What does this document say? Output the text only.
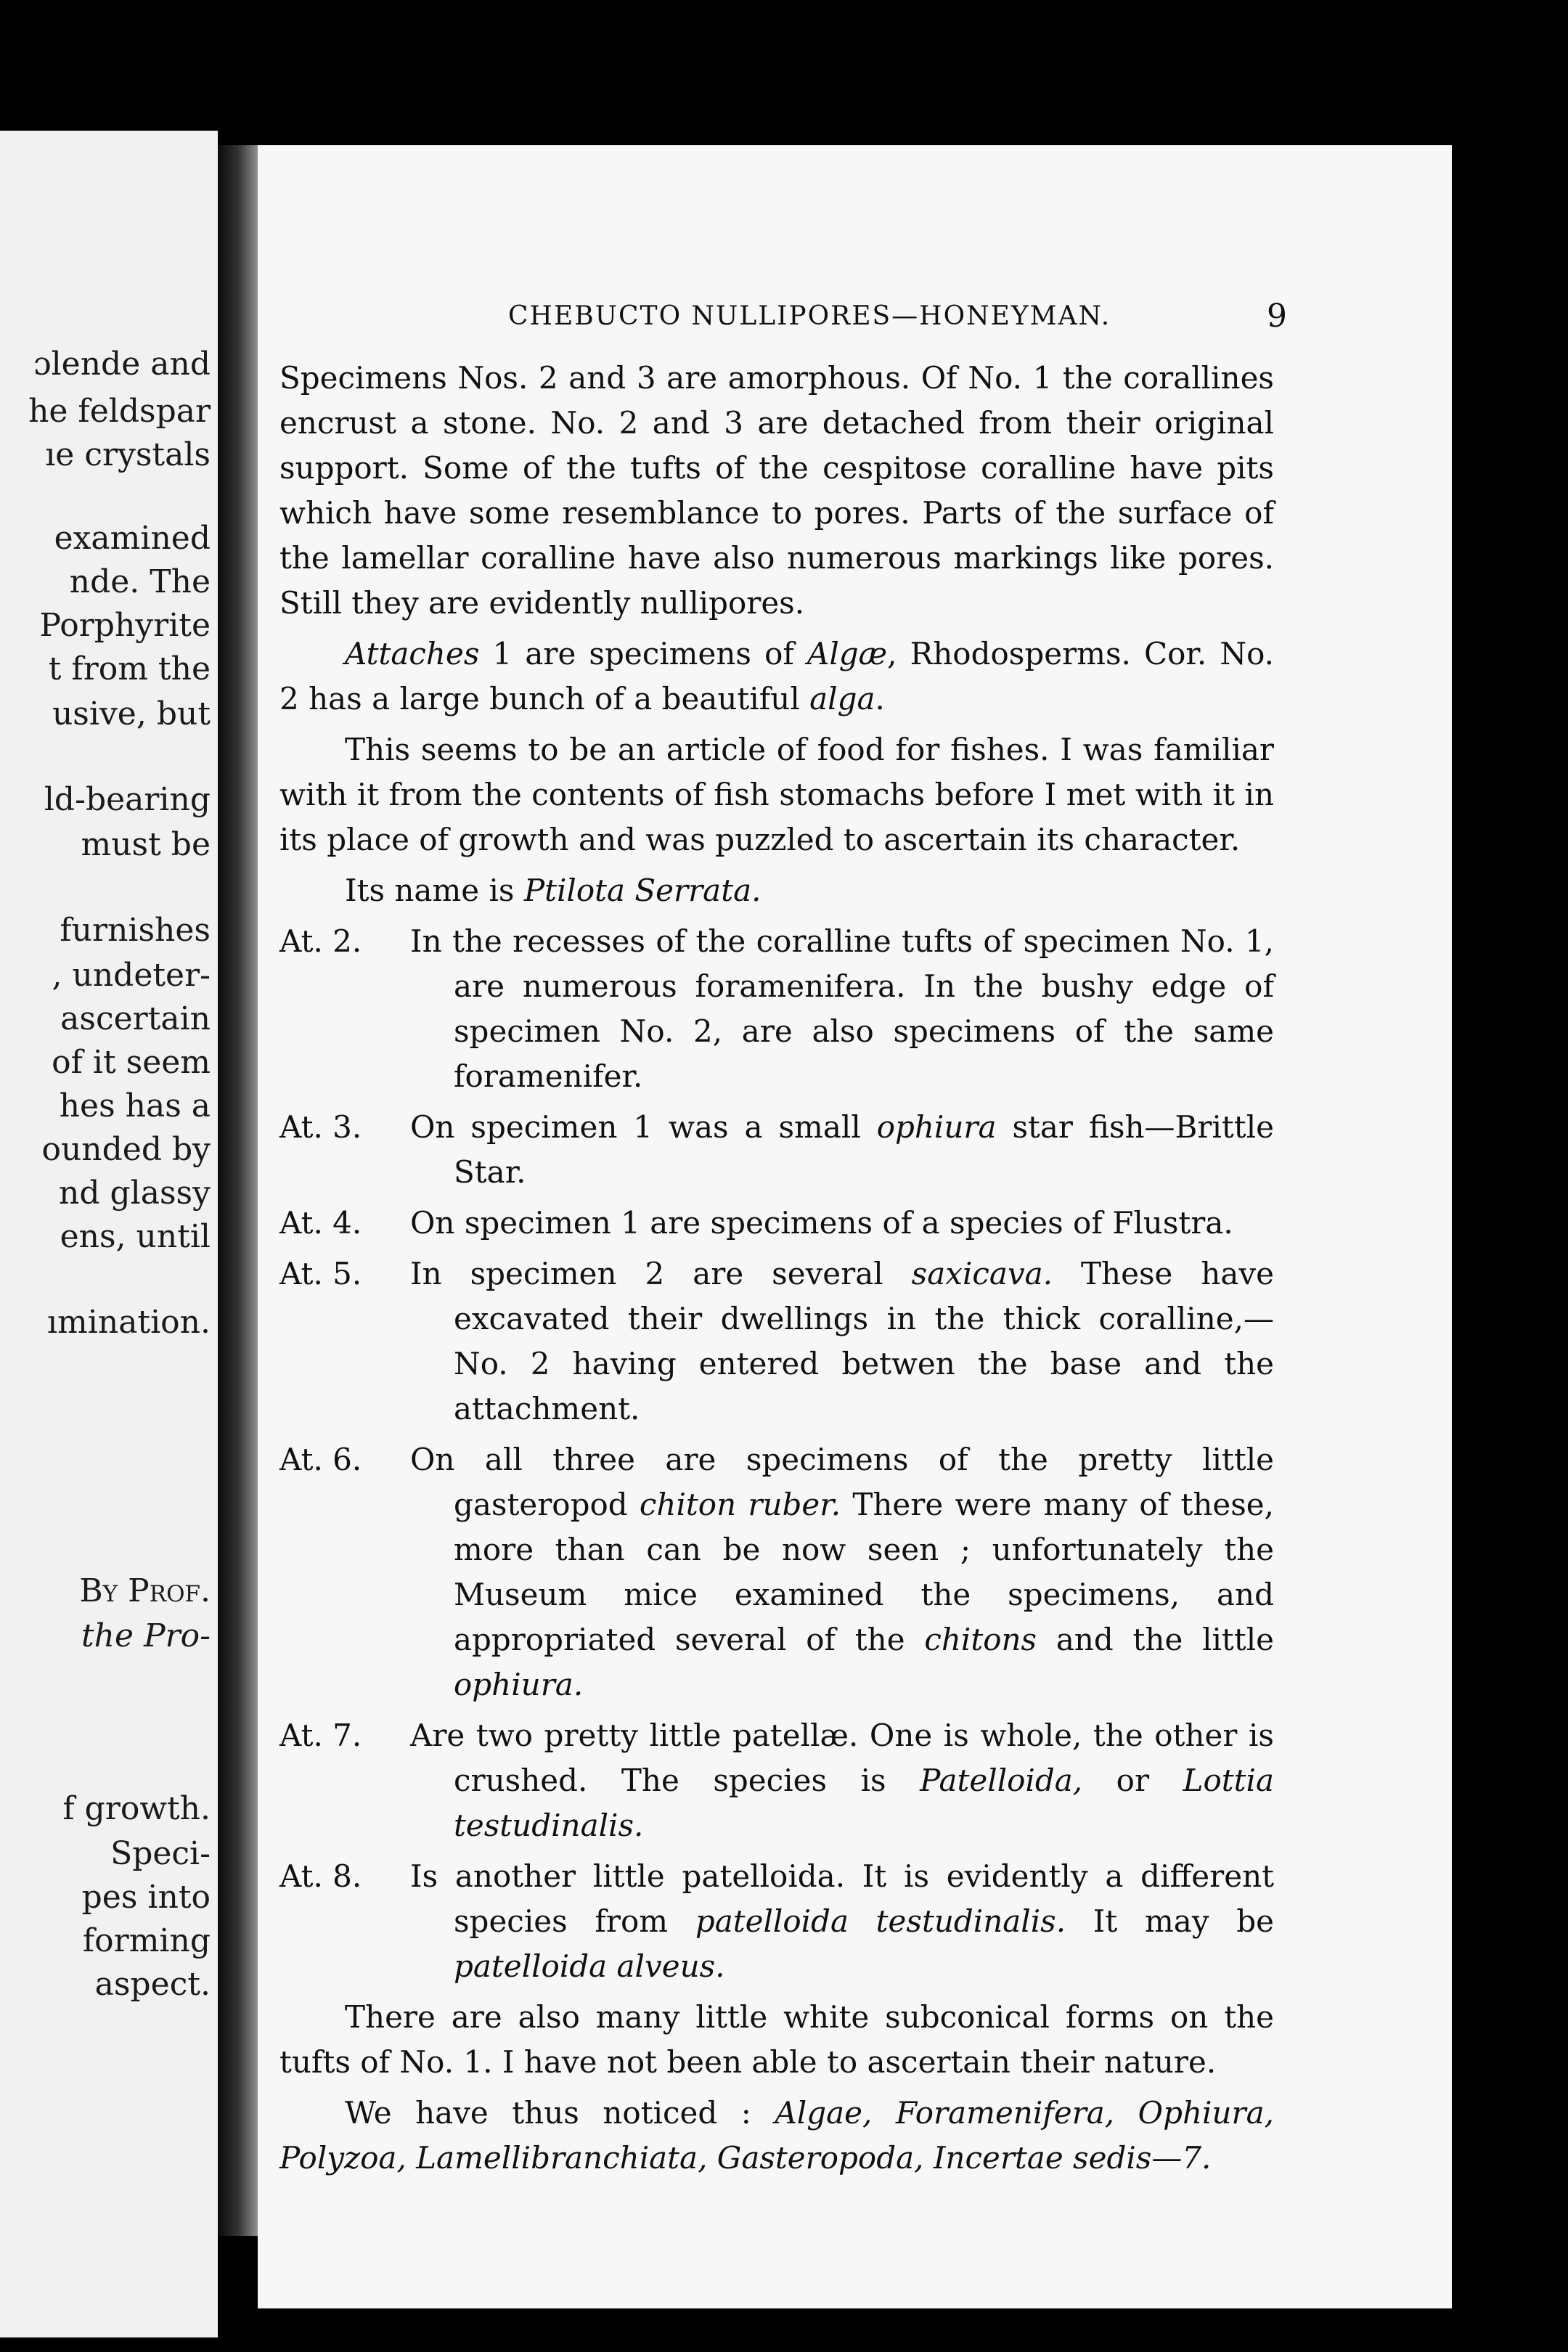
ɔlende and
he feldspar
ıe crystals
examined
nde. The
Porphyrite
t from the
usive, but
ld-bearing
must be
furnishes
, undeter-
ascertain
of it seem
hes has a
ounded by
nd glassy
ens, until
ımination.
By Prof.
the Pro-
f growth.
Speci-
pes into
forming
aspect.
CHEBUCTO NULLIPORES—HONEYMAN.	9

Specimens Nos. 2 and 3 are amorphous. Of No. 1 the corallines encrust a stone. No. 2 and 3 are detached from their original support. Some of the tufts of the cespitose coralline have pits which have some resemblance to pores. Parts of the surface of the lamellar coralline have also numerous markings like pores. Still they are evidently nullipores.

Attaches 1 are specimens of Algæ, Rhodosperms. Cor. No. 2 has a large bunch of a beautiful alga.

This seems to be an article of food for fishes. I was familiar with it from the contents of fish stomachs before I met with it in its place of growth and was puzzled to ascertain its character.

Its name is Ptilota Serrata.

At. 2.	In the recesses of the coralline tufts of specimen No. 1, are numerous foramenifera. In the bushy edge of specimen No. 2, are also specimens of the same foramenifer.
At. 3.	On specimen 1 was a small ophiura star fish—Brittle Star.
At. 4.	On specimen 1 are specimens of a species of Flustra.
At. 5.	In specimen 2 are several saxicava. These have excavated their dwellings in the thick coralline,—No. 2 having entered betwen the base and the attachment.
At. 6.	On all three are specimens of the pretty little gasteropod chiton ruber. There were many of these, more than can be now seen ; unfortunately the Museum mice examined the specimens, and appropriated several of the chitons and the little ophiura.
At. 7.	Are two pretty little patellæ. One is whole, the other is crushed. The species is Patelloida, or Lottia testudinalis.
At. 8.	Is another little patelloida. It is evidently a different species from patelloida testudinalis. It may be patelloida alveus.

There are also many little white subconical forms on the tufts of No. 1. I have not been able to ascertain their nature.

We have thus noticed : Algae, Foramenifera, Ophiura, Polyzoa, Lamellibranchiata, Gasteropoda, Incertae sedis—7.
